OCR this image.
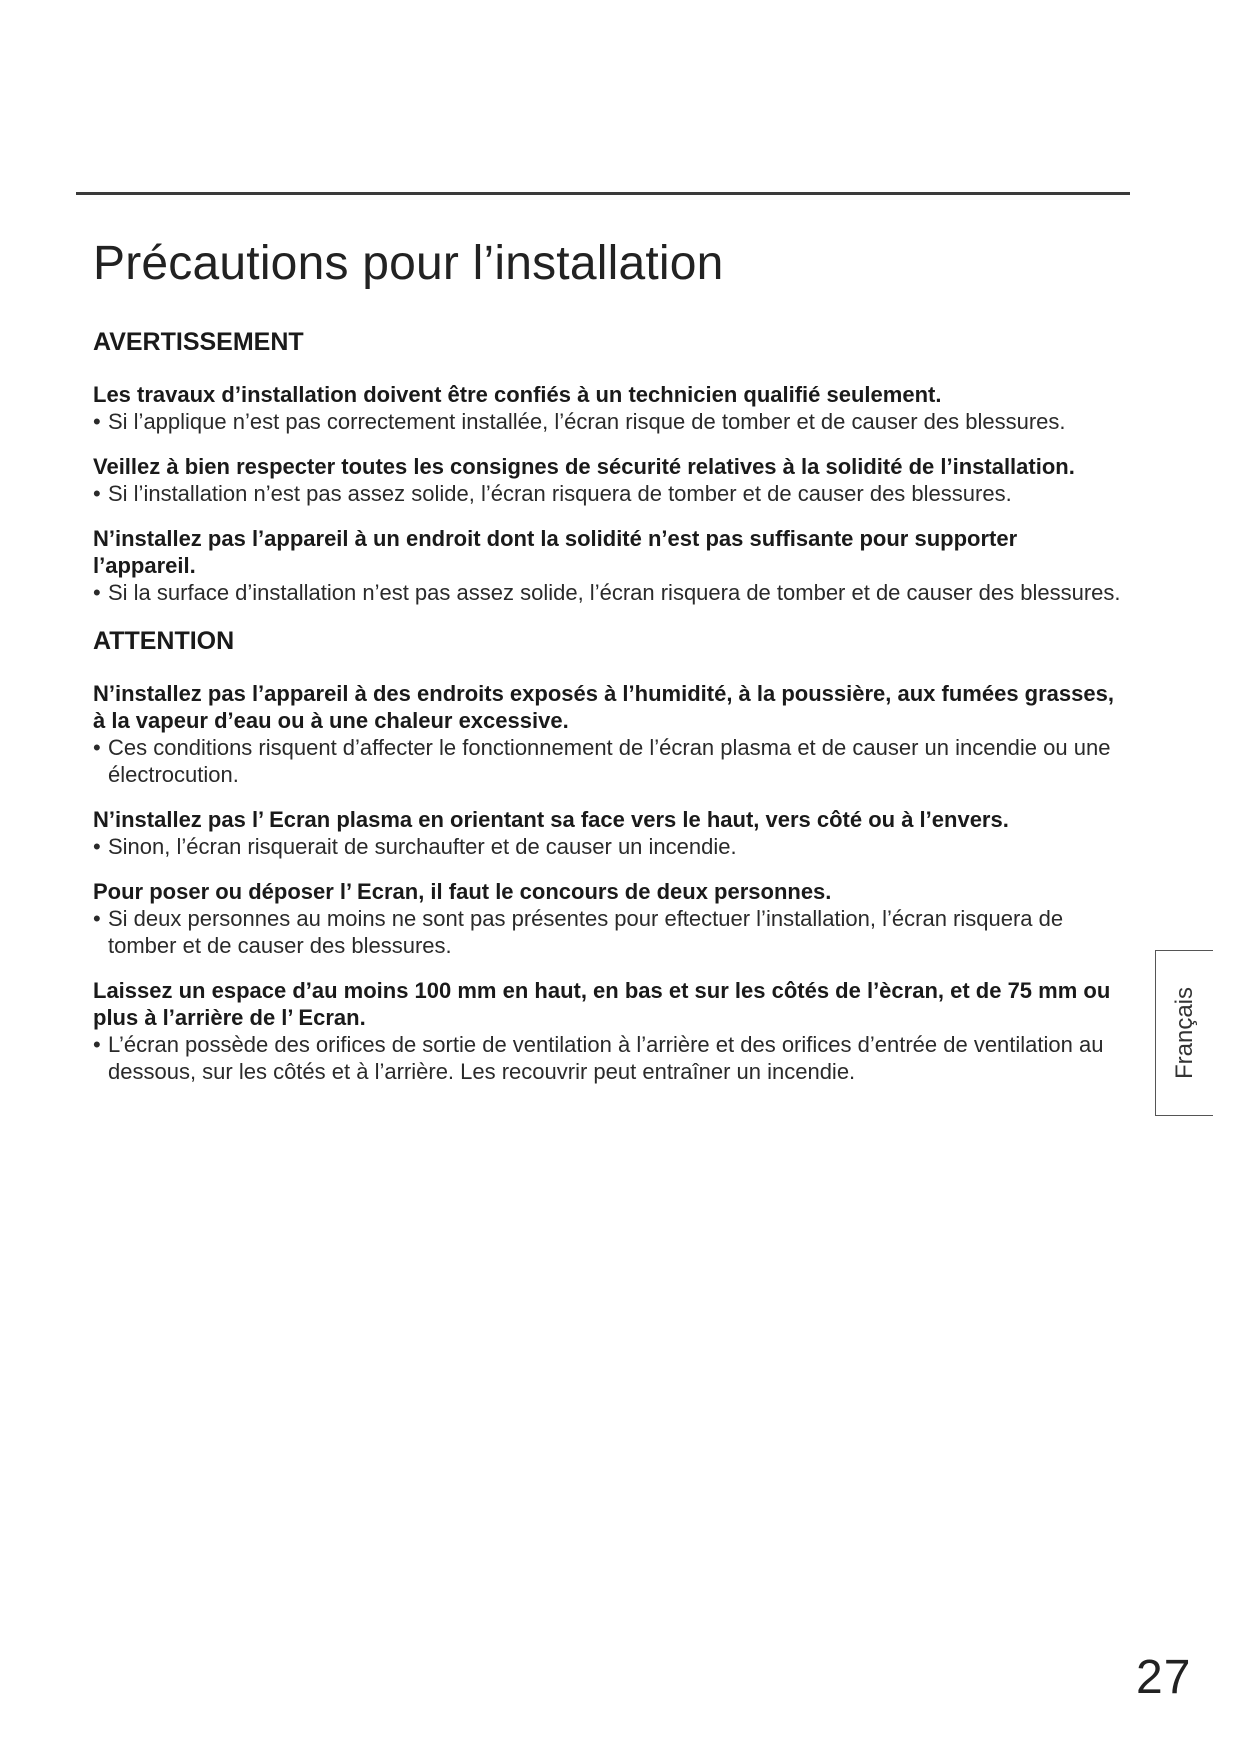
Précautions pour l’installation
AVERTISSEMENT

Les travaux d’installation doivent être confiés à un technicien qualifié seulement.

• Si l’applique n’est pas correctement installée, l’écran risque de tomber et de causer des blessures.

Veillez à bien respecter toutes les consignes de sécurité relatives à la solidité de l’installation.

• Si l’installation n’est pas assez solide, l’écran risquera de tomber et de causer des blessures.

N’installez pas l’appareil à un endroit dont la solidité n’est pas suffisante pour supporter l’appareil.

• Si la surface d’installation n’est pas assez solide, l’écran risquera de tomber et de causer des blessures.

ATTENTION

N’installez pas l’appareil à des endroits exposés à l’humidité, à la poussière, aux fumées grasses, à la vapeur d’eau ou à une chaleur excessive.

• Ces conditions risquent d’affecter le fonctionnement de l’écran plasma et de causer un incendie ou une électrocution.

N’installez pas l’ Ecran plasma en orientant sa face vers le haut, vers côté ou à l’envers.

• Sinon, l’écran risquerait de surchaufter et de causer un incendie.

Pour poser ou déposer l’ Ecran, il faut le concours de deux personnes.

• Si deux personnes au moins ne sont pas présentes pour eftectuer l’installation, l’écran risquera de tomber et de causer des blessures.

Laissez un espace d’au moins 100 mm en haut, en bas et sur les côtés de l’ècran, et de 75 mm ou plus à l’arrière de l’ Ecran.

• L’écran possède des orifices de sortie de ventilation à l’arrière et des orifices d’entrée de ventilation au dessous, sur les côtés et à l’arrière. Les recouvrir peut entraîner un incendie.	Français
27
